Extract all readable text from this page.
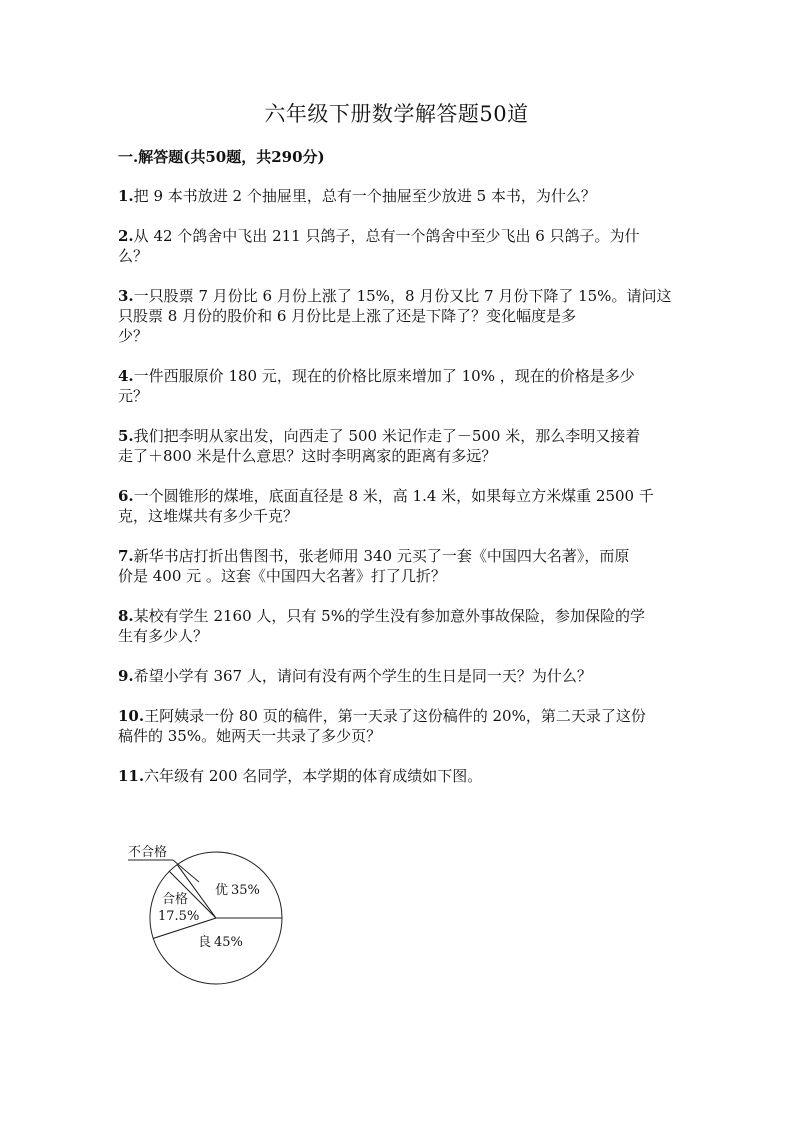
六年级下册数学解答题50道
一.解答题(共50题，共290分)
1.把 9 本书放进 2 个抽屉里，总有一个抽屉至少放进 5 本书，为什么？
2.从 42 个鸽舍中飞出 211 只鸽子，总有一个鸽舍中至少飞出 6 只鸽子。为什
么？
3.一只股票 7 月份比 6 月份上涨了 15%，8 月份又比 7 月份下降了 15%。请问这
只股票 8 月份的股价和 6 月份比是上涨了还是下降了？变化幅度是多
少？
4.一件西服原价 180 元，现在的价格比原来增加了 10% ，现在的价格是多少
元？
5.我们把李明从家出发，向西走了 500 米记作走了－500 米，那么李明又接着
走了＋800 米是什么意思？这时李明离家的距离有多远？
6.一个圆锥形的煤堆，底面直径是 8 米，高 1.4 米，如果每立方米煤重 2500 千
克，这堆煤共有多少千克？
7.新华书店打折出售图书，张老师用 340 元买了一套《中国四大名著》，而原
价是 400 元 。这套《中国四大名著》打了几折？
8.某校有学生 2160 人，只有 5%的学生没有参加意外事故保险，参加保险的学
生有多少人？
9.希望小学有 367 人，请问有没有两个学生的生日是同一天？为什么？
10.王阿姨录一份 80 页的稿件，第一天录了这份稿件的 20%，第二天录了这份
稿件的 35%。她两天一共录了多少页？
11.六年级有 200 名同学，本学期的体育成绩如下图。
不合格
优 35%
良 45%
合格
17.5%
